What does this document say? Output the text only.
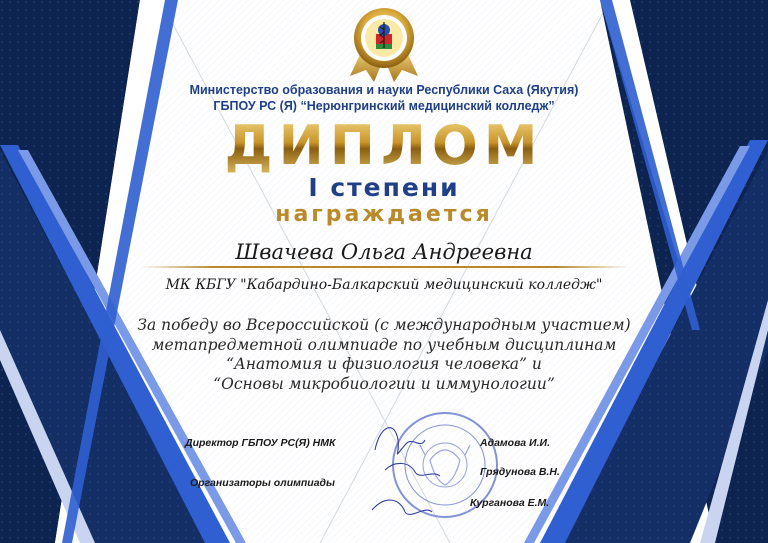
Министерство образования и науки Республики Саха (Якутия)
ГБПОУ РС (Я) “Нерюнгринский медицинский колледж”
ДИПЛОМ
I степени
награждается
Швачева Ольга Андреевна
МК КБГУ "Кабардино-Балкарский медицинский колледж"
За победу во Всероссийской (с международным участием)
метапредметной олимпиаде по учебным дисциплинам
“Анатомия и физиология человека” и
“Основы микробиологии и иммунологии”
Директор ГБПОУ РС(Я) НМК
Организаторы олимпиады
Адамова И.И.
Грядунова В.Н.
Курганова Е.М.
